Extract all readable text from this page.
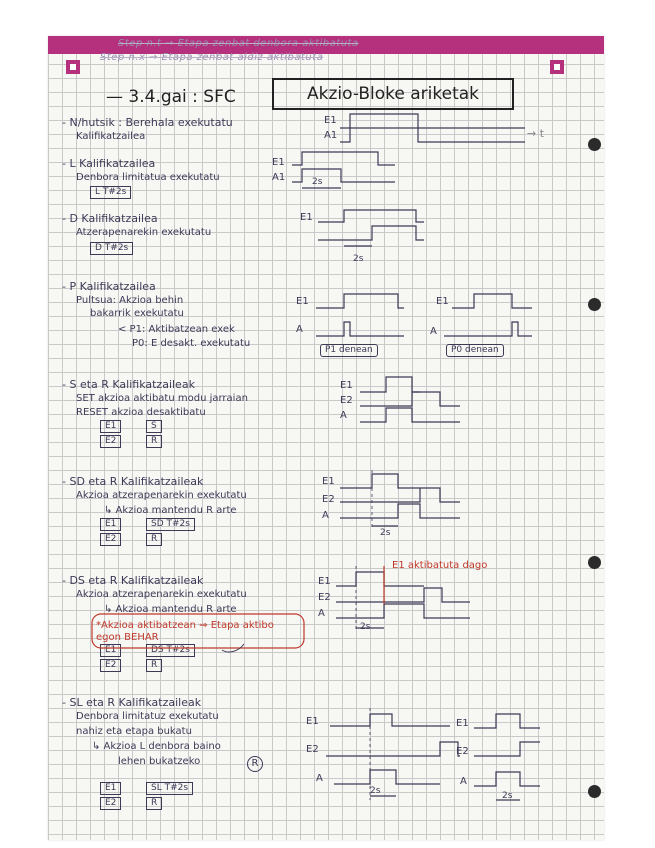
Step n.t → Etapa zenbat denbora aktibatuta
Step n.x → Etapa zenbat aldiz aktibatuta
— 3.4.gai : SFC	Akzio-Bloke ariketak
- N/hutsik : Berehala exekutatu
Kalifikatzailea
E1
A1	→ t
- L Kalifikatzailea
Denbora limitatua exekutatu
L T#2s
E1
A1	2s
- D Kalifikatzailea
Atzerapenarekin exekutatu
D T#2s
E1
2s
- P Kalifikatzailea
Pultsua: Akzioa behin
bakarrik exekutatu
< P1: Aktibatzean exek
P0: E desakt. exekutatu
E1
A
E1
A
P1 denean	P0 denean
- S eta R Kalifikatzaileak
SET akzioa aktibatu modu jarraian
RESET akzioa desaktibatu
E1	S
E2	R
E1
E2
A
- SD eta R Kalifikatzaileak
Akzioa atzerapenarekin exekutatu
↳ Akzioa mantendu R arte
E1	SD T#2s
E2	R
E1
E2
A
2s
- DS eta R Kalifikatzaileak
Akzioa atzerapenarekin exekutatu
↳ Akzioa mantendu R arte
*Akzioa aktibatzean ⇒ Etapa aktibo egon BEHAR
E1	DS T#2s
E2	R
E1
E2
A
2s
E1 aktibatuta dago
- SL eta R Kalifikatzaileak
Denbora limitatuz exekutatu
nahiz eta etapa bukatu
↳ Akzioa L denbora baino
lehen bukatzeko	R
E1	SL T#2s
E2	R
E1
E2
A
E1
E2
A
2s	2s
